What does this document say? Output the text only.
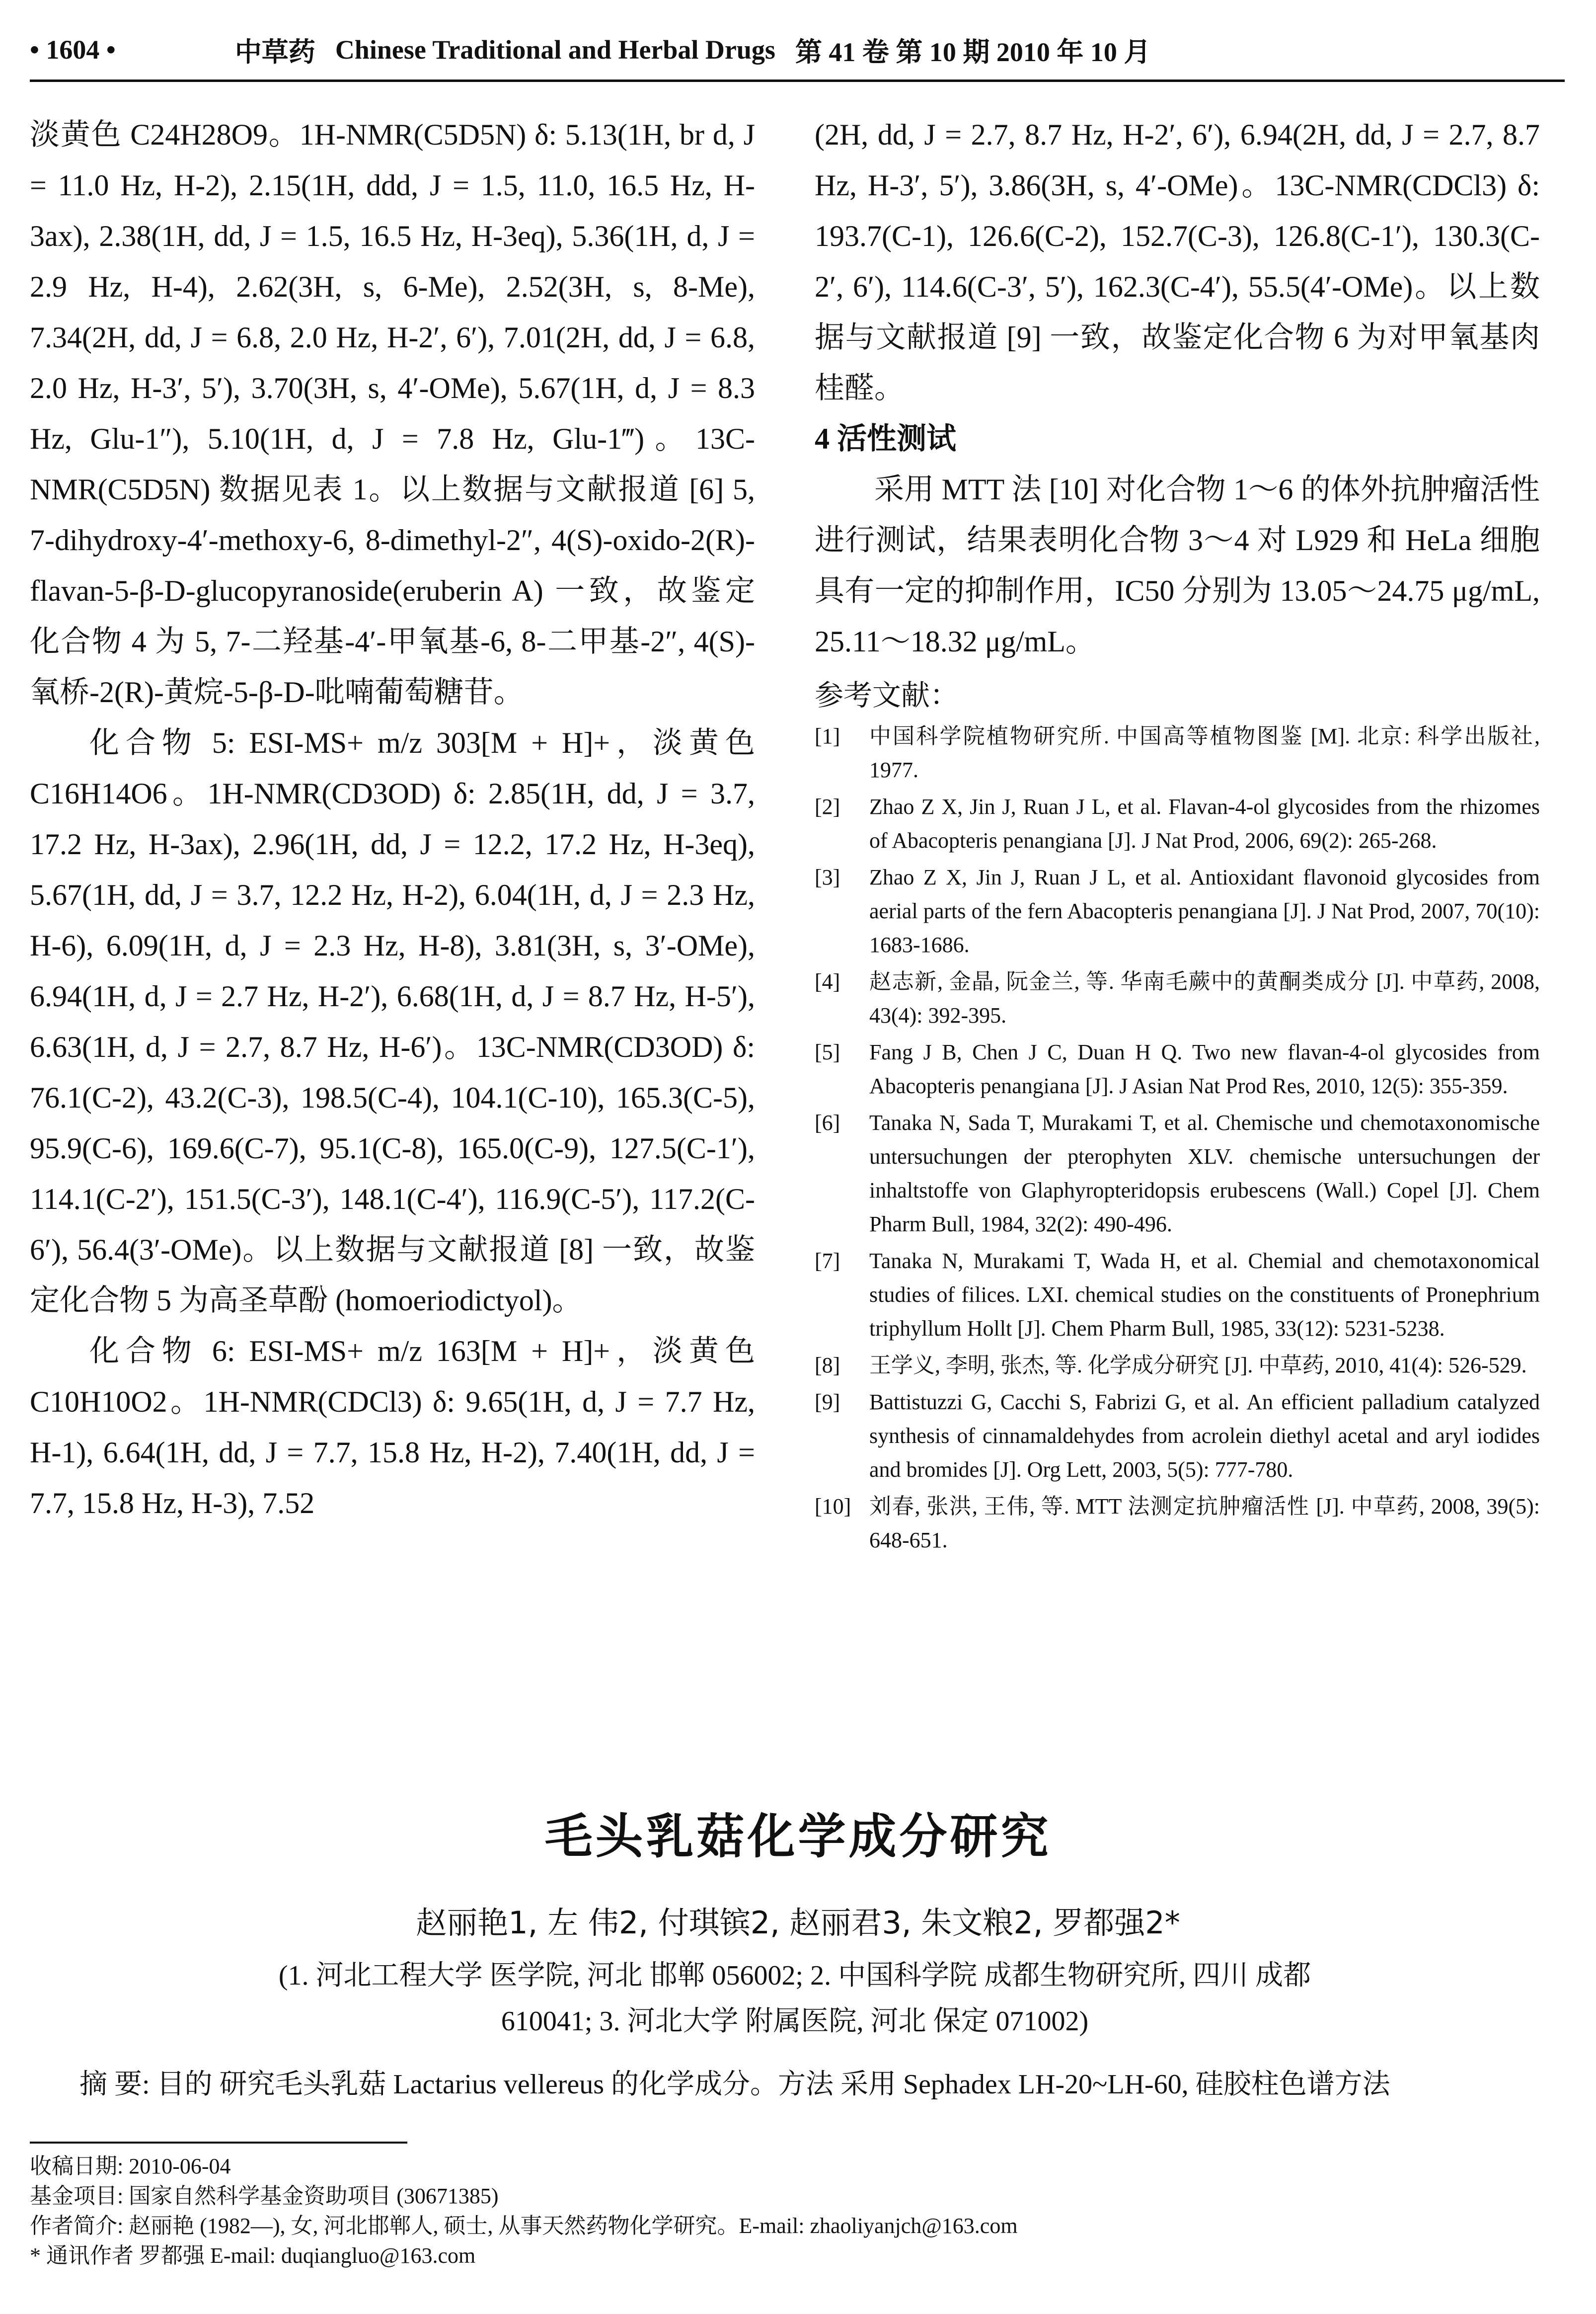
• 1604 •	中草药 Chinese Traditional and Herbal Drugs 第 41 卷 第 10 期 2010 年 10 月

淡黄色 C24H28O9。1H-NMR(C5D5N) δ: 5.13(1H, br d, J = 11.0 Hz, H-2), 2.15(1H, ddd, J = 1.5, 11.0, 16.5 Hz, H-3ax), 2.38(1H, dd, J = 1.5, 16.5 Hz, H-3eq), 5.36(1H, d, J = 2.9 Hz, H-4), 2.62(3H, s, 6-Me), 2.52(3H, s, 8-Me), 7.34(2H, dd, J = 6.8, 2.0 Hz, H-2′, 6′), 7.01(2H, dd, J = 6.8, 2.0 Hz, H-3′, 5′), 3.70(3H, s, 4′-OMe), 5.67(1H, d, J = 8.3 Hz, Glu-1″), 5.10(1H, d, J = 7.8 Hz, Glu-1‴)。13C-NMR(C5D5N) 数据见表 1。以上数据与文献报道 [6] 5, 7-dihydroxy-4′-methoxy-6, 8-dimethyl-2″, 4(S)-oxido-2(R)-flavan-5-β-D-glucopyranoside(eruberin A) 一致，故鉴定化合物 4 为 5, 7-二羟基-4′-甲氧基-6, 8-二甲基-2″, 4(S)-氧桥-2(R)-黄烷-5-β-D-吡喃葡萄糖苷。

化合物 5: ESI-MS+ m/z 303[M + H]+，淡黄色 C16H14O6。1H-NMR(CD3OD) δ: 2.85(1H, dd, J = 3.7, 17.2 Hz, H-3ax), 2.96(1H, dd, J = 12.2, 17.2 Hz, H-3eq), 5.67(1H, dd, J = 3.7, 12.2 Hz, H-2), 6.04(1H, d, J = 2.3 Hz, H-6), 6.09(1H, d, J = 2.3 Hz, H-8), 3.81(3H, s, 3′-OMe), 6.94(1H, d, J = 2.7 Hz, H-2′), 6.68(1H, d, J = 8.7 Hz, H-5′), 6.63(1H, d, J = 2.7, 8.7 Hz, H-6′)。13C-NMR(CD3OD) δ: 76.1(C-2), 43.2(C-3), 198.5(C-4), 104.1(C-10), 165.3(C-5), 95.9(C-6), 169.6(C-7), 95.1(C-8), 165.0(C-9), 127.5(C-1′), 114.1(C-2′), 151.5(C-3′), 148.1(C-4′), 116.9(C-5′), 117.2(C-6′), 56.4(3′-OMe)。以上数据与文献报道 [8] 一致，故鉴定化合物 5 为高圣草酚 (homoeriodictyol)。

化合物 6: ESI-MS+ m/z 163[M + H]+，淡黄色 C10H10O2。1H-NMR(CDCl3) δ: 9.65(1H, d, J = 7.7 Hz, H-1), 6.64(1H, dd, J = 7.7, 15.8 Hz, H-2), 7.40(1H, dd, J = 7.7, 15.8 Hz, H-3), 7.52

(2H, dd, J = 2.7, 8.7 Hz, H-2′, 6′), 6.94(2H, dd, J = 2.7, 8.7 Hz, H-3′, 5′), 3.86(3H, s, 4′-OMe)。13C-NMR(CDCl3) δ: 193.7(C-1), 126.6(C-2), 152.7(C-3), 126.8(C-1′), 130.3(C-2′, 6′), 114.6(C-3′, 5′), 162.3(C-4′), 55.5(4′-OMe)。以上数据与文献报道 [9] 一致，故鉴定化合物 6 为对甲氧基肉桂醛。

4 活性测试

采用 MTT 法 [10] 对化合物 1～6 的体外抗肿瘤活性进行测试，结果表明化合物 3～4 对 L929 和 HeLa 细胞具有一定的抑制作用，IC50 分别为 13.05～24.75 μg/mL, 25.11～18.32 μg/mL。

参考文献：
[1]	中国科学院植物研究所. 中国高等植物图鉴 [M]. 北京: 科学出版社, 1977.
[2]	Zhao Z X, Jin J, Ruan J L, et al. Flavan-4-ol glycosides from the rhizomes of Abacopteris penangiana [J]. J Nat Prod, 2006, 69(2): 265-268.
[3]	Zhao Z X, Jin J, Ruan J L, et al. Antioxidant flavonoid glycosides from aerial parts of the fern Abacopteris penangiana [J]. J Nat Prod, 2007, 70(10): 1683-1686.
[4]	赵志新, 金晶, 阮金兰, 等. 华南毛蕨中的黄酮类成分 [J]. 中草药, 2008, 43(4): 392-395.
[5]	Fang J B, Chen J C, Duan H Q. Two new flavan-4-ol glycosides from Abacopteris penangiana [J]. J Asian Nat Prod Res, 2010, 12(5): 355-359.
[6]	Tanaka N, Sada T, Murakami T, et al. Chemische und chemotaxonomische untersuchungen der pterophyten XLV. chemische untersuchungen der inhaltstoffe von Glaphyropteridopsis erubescens (Wall.) Copel [J]. Chem Pharm Bull, 1984, 32(2): 490-496.
[7]	Tanaka N, Murakami T, Wada H, et al. Chemial and chemotaxonomical studies of filices. LXI. chemical studies on the constituents of Pronephrium triphyllum Hollt [J]. Chem Pharm Bull, 1985, 33(12): 5231-5238.
[8]	王学义, 李明, 张杰, 等. 化学成分研究 [J]. 中草药, 2010, 41(4): 526-529.
[9]	Battistuzzi G, Cacchi S, Fabrizi G, et al. An efficient palladium catalyzed synthesis of cinnamaldehydes from acrolein diethyl acetal and aryl iodides and bromides [J]. Org Lett, 2003, 5(5): 777-780.
[10] 刘春, 张洪, 王伟, 等. MTT 法测定抗肿瘤活性 [J]. 中草药, 2008, 39(5): 648-651.
毛头乳菇化学成分研究
赵丽艳1, 左 伟2, 付琪镔2, 赵丽君3, 朱文粮2, 罗都强2*
(1. 河北工程大学 医学院, 河北 邯郸 056002; 2. 中国科学院 成都生物研究所, 四川 成都
610041; 3. 河北大学 附属医院, 河北 保定 071002)
摘 要: 目的 研究毛头乳菇 Lactarius vellereus 的化学成分。方法 采用 Sephadex LH-20~LH-60, 硅胶柱色谱方法

收稿日期: 2010-06-04

基金项目: 国家自然科学基金资助项目 (30671385)

作者简介: 赵丽艳 (1982—), 女, 河北邯郸人, 硕士, 从事天然药物化学研究。E-mail: zhaoliyanjch@163.com

* 通讯作者 罗都强 E-mail: duqiangluo@163.com
